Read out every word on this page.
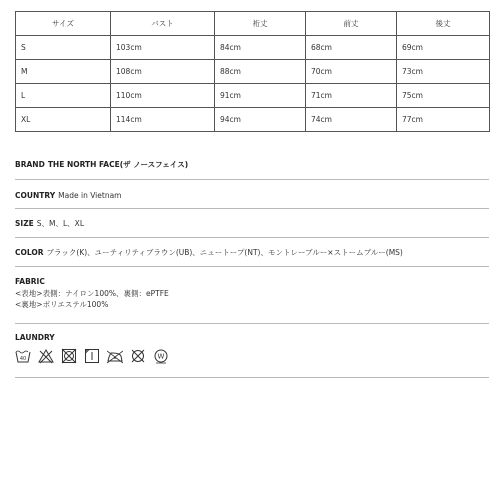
サイズ	バスト	裄丈	前丈	後丈
S	103cm	84cm	68cm	69cm
M	108cm	88cm	70cm	73cm
L	110cm	91cm	71cm	75cm
XL	114cm	94cm	74cm	77cm
BRAND THE NORTH FACE(ザ ノースフェイス)
COUNTRY Made in Vietnam
SIZE S、M、L、XL
COLOR ブラック(K)、ユーティリティブラウン(UB)、ニュートープ(NT)、モントレーブルー×ストームブルー(MS)
FABRIC
<表地>表側：ナイロン100%、裏側：ePTFE
<裏地>ポリエステル100%
LAUNDRY
40	W
